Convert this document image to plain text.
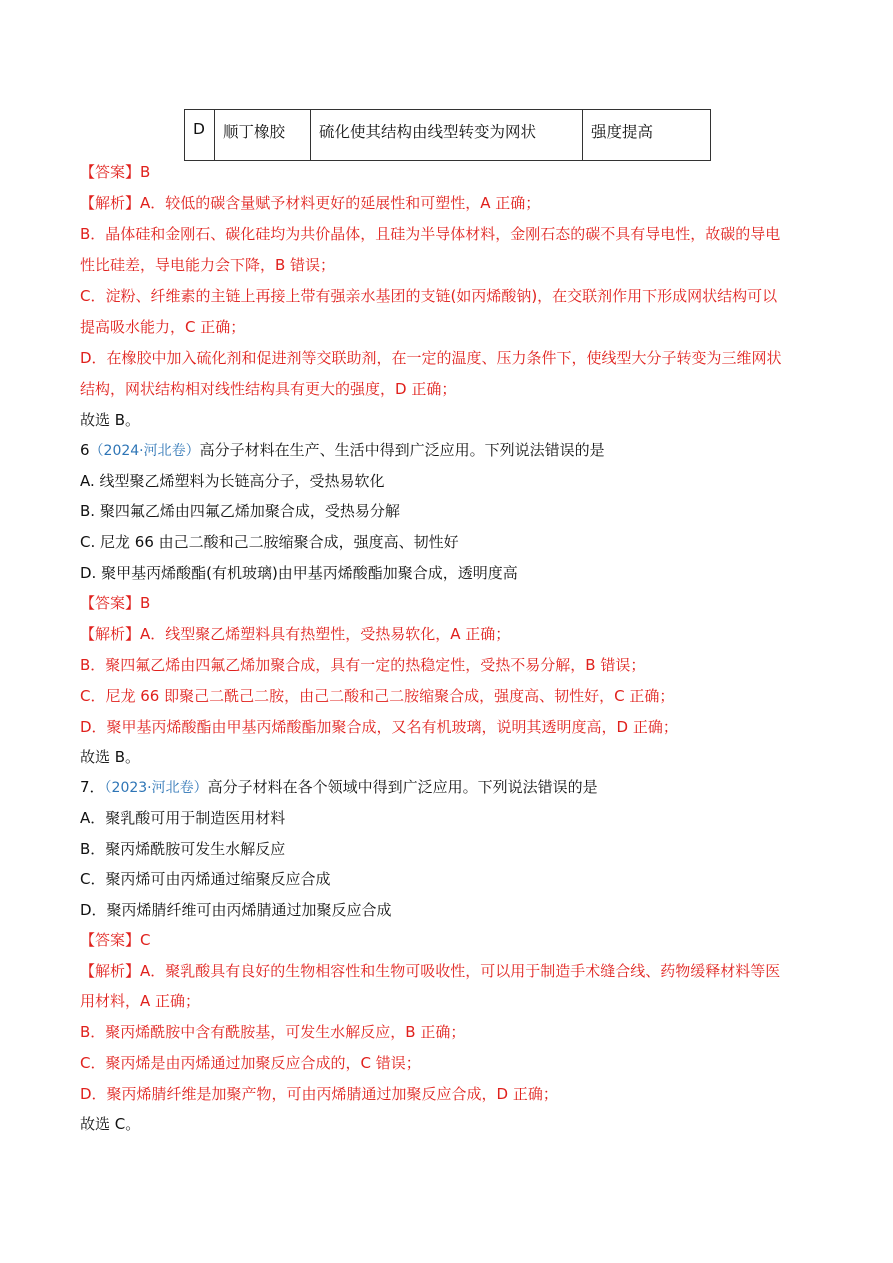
D	顺丁橡胶	硫化使其结构由线型转变为网状	强度提高
【答案】B
【解析】A．较低的碳含量赋予材料更好的延展性和可塑性，A 正确；
B．晶体硅和金刚石、碳化硅均为共价晶体，且硅为半导体材料，金刚石态的碳不具有导电性，故碳的导电
性比硅差，导电能力会下降，B 错误；
C．淀粉、纤维素的主链上再接上带有强亲水基团的支链(如丙烯酸钠)，在交联剂作用下形成网状结构可以
提高吸水能力，C 正确；
D．在橡胶中加入硫化剂和促进剂等交联助剂，在一定的温度、压力条件下，使线型大分子转变为三维网状
结构，网状结构相对线性结构具有更大的强度，D 正确；
故选 B。
6（2024·河北卷）高分子材料在生产、生活中得到广泛应用。下列说法错误的是
A. 线型聚乙烯塑料为长链高分子，受热易软化
B. 聚四氟乙烯由四氟乙烯加聚合成，受热易分解
C. 尼龙 66 由己二酸和己二胺缩聚合成，强度高、韧性好
D. 聚甲基丙烯酸酯(有机玻璃)由甲基丙烯酸酯加聚合成，透明度高
【答案】B
【解析】A．线型聚乙烯塑料具有热塑性，受热易软化，A 正确；
B．聚四氟乙烯由四氟乙烯加聚合成，具有一定的热稳定性，受热不易分解，B 错误；
C．尼龙 66 即聚己二酰己二胺，由己二酸和己二胺缩聚合成，强度高、韧性好，C 正确；
D．聚甲基丙烯酸酯由甲基丙烯酸酯加聚合成，又名有机玻璃，说明其透明度高，D 正确；
故选 B。
7．（2023·河北卷）高分子材料在各个领域中得到广泛应用。下列说法错误的是
A．聚乳酸可用于制造医用材料
B．聚丙烯酰胺可发生水解反应
C．聚丙烯可由丙烯通过缩聚反应合成
D．聚丙烯腈纤维可由丙烯腈通过加聚反应合成
【答案】C
【解析】A．聚乳酸具有良好的生物相容性和生物可吸收性，可以用于制造手术缝合线、药物缓释材料等医
用材料，A 正确；
B．聚丙烯酰胺中含有酰胺基，可发生水解反应，B 正确；
C．聚丙烯是由丙烯通过加聚反应合成的，C 错误；
D．聚丙烯腈纤维是加聚产物，可由丙烯腈通过加聚反应合成，D 正确；
故选 C。
